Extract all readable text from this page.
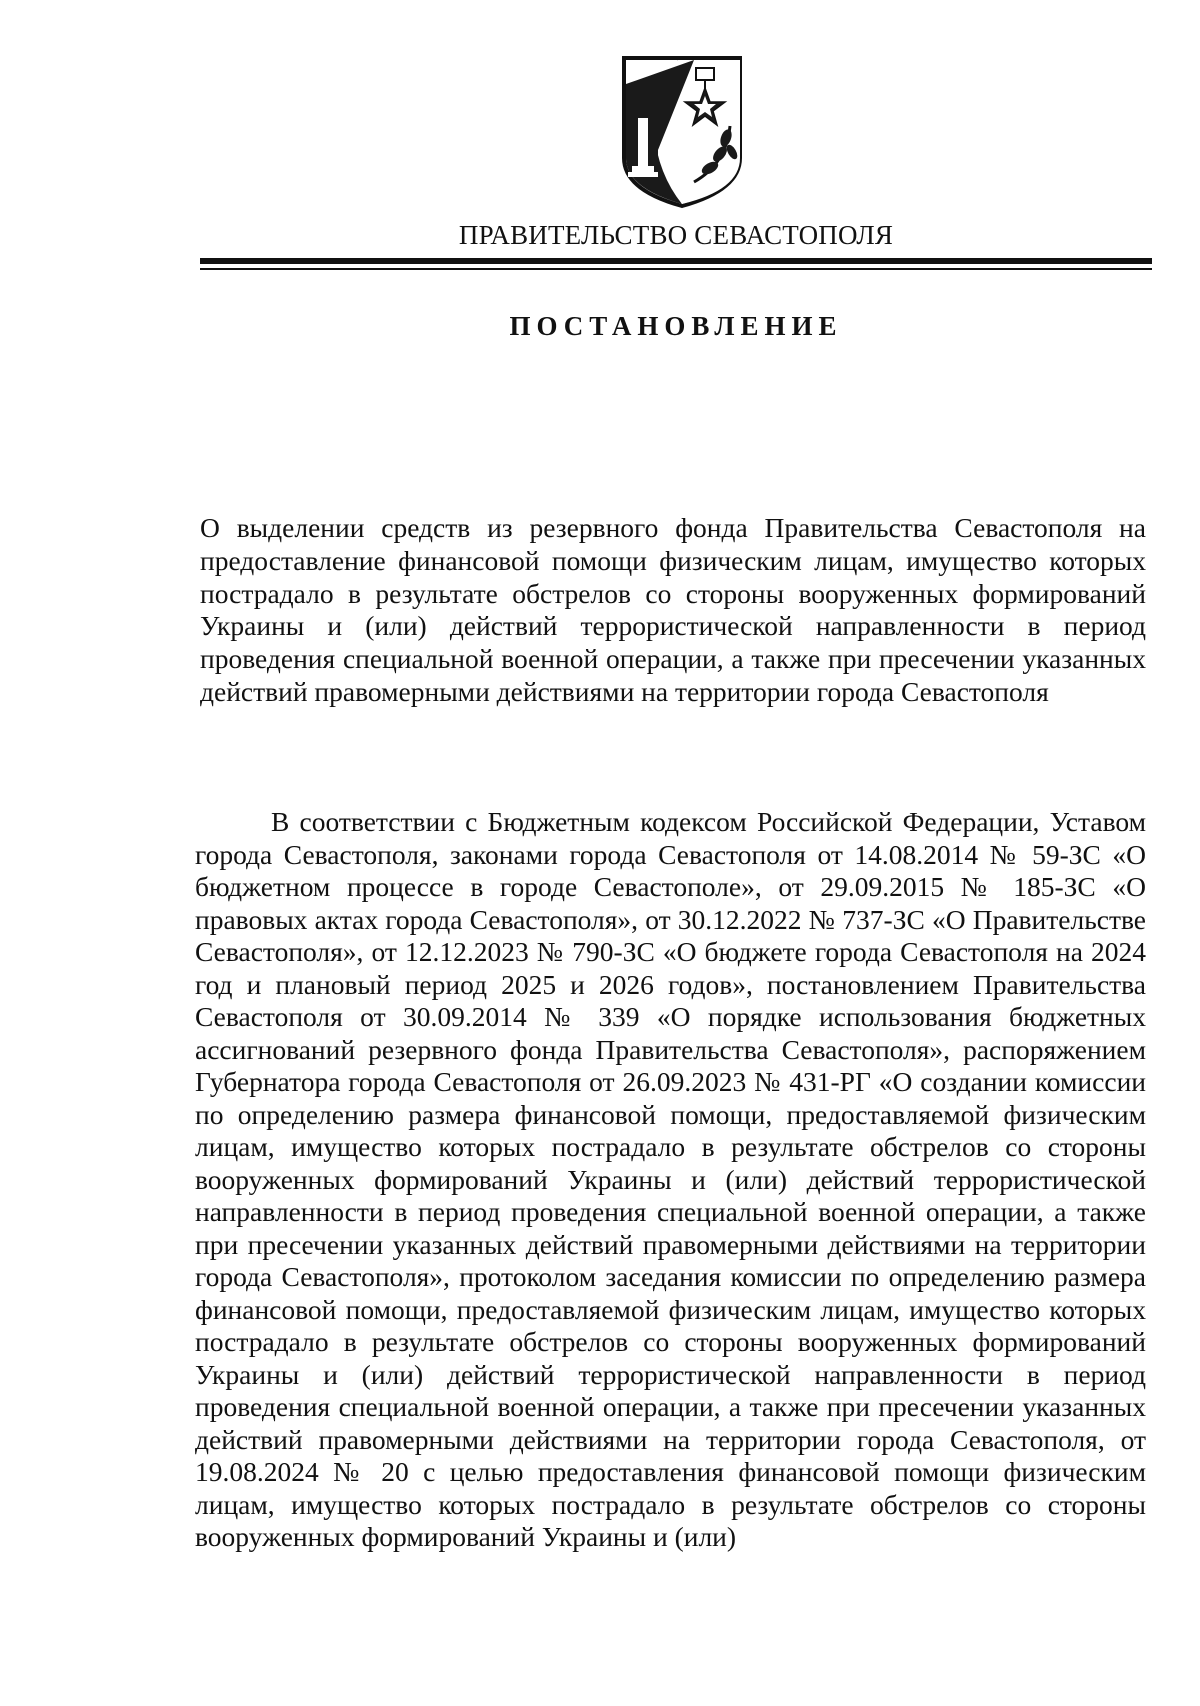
ПРАВИТЕЛЬСТВО СЕВАСТОПОЛЯ
ПОСТАНОВЛЕНИЕ

О выделении средств из резервного фонда Правительства Севастополя на предоставление финансовой помощи физическим лицам, имущество которых пострадало в результате обстрелов со стороны вооруженных формирований Украины и (или) действий террористической направленности в период проведения специальной военной операции, а также при пресечении указанных действий правомерными действиями на территории города Севастополя

В соответствии с Бюджетным кодексом Российской Федерации, Уставом города Севастополя, законами города Севастополя от 14.08.2014 № 59-ЗС «О бюджетном процессе в городе Севастополе», от 29.09.2015 № 185-ЗС «О правовых актах города Севастополя», от 30.12.2022 № 737-ЗС «О Правительстве Севастополя», от 12.12.2023 № 790-ЗС «О бюджете города Севастополя на 2024 год и плановый период 2025 и 2026 годов», постановлением Правительства Севастополя от 30.09.2014 № 339 «О порядке использования бюджетных ассигнований резервного фонда Правительства Севастополя», распоряжением Губернатора города Севастополя от 26.09.2023 № 431-РГ «О создании комиссии по определению размера финансовой помощи, предоставляемой физическим лицам, имущество которых пострадало в результате обстрелов со стороны вооруженных формирований Украины и (или) действий террористической направленности в период проведения специальной военной операции, а также при пресечении указанных действий правомерными действиями на территории города Севастополя», протоколом заседания комиссии по определению размера финансовой помощи, предоставляемой физическим лицам, имущество которых пострадало в результате обстрелов со стороны вооруженных формирований Украины и (или) действий террористической направленности в период проведения специальной военной операции, а также при пресечении указанных действий правомерными действиями на территории города Севастополя, от 19.08.2024 № 20 с целью предоставления финансовой помощи физическим лицам, имущество которых пострадало в результате обстрелов со стороны вооруженных формирований Украины и (или)
